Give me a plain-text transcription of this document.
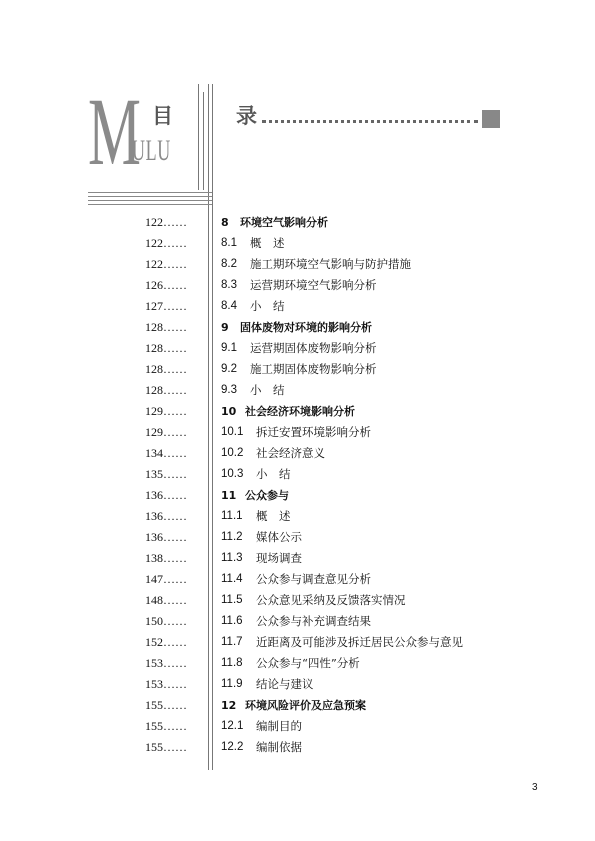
M 目
ULU
录
122……	8 环境空气影响分析
122……	8.1 概　述
122……	8.2 施工期环境空气影响与防护措施
126……	8.3 运营期环境空气影响分析
127……	8.4 小　结
128……	9 固体废物对环境的影响分析
128……	9.1 运营期固体废物影响分析
128……	9.2 施工期固体废物影响分析
128……	9.3 小　结
129……	10 社会经济环境影响分析
129……	10.1 拆迁安置环境影响分析
134……	10.2 社会经济意义
135……	10.3 小　结
136……	11 公众参与
136……	11.1 概　述
136……	11.2 媒体公示
138……	11.3 现场调查
147……	11.4 公众参与调查意见分析
148……	11.5 公众意见采纳及反馈落实情况
150……	11.6 公众参与补充调查结果
152……	11.7 近距离及可能涉及拆迁居民公众参与意见
153……	11.8 公众参与“四性”分析
153……	11.9 结论与建议
155……	12 环境风险评价及应急预案
155……	12.1 编制目的
155……	12.2 编制依据
3
